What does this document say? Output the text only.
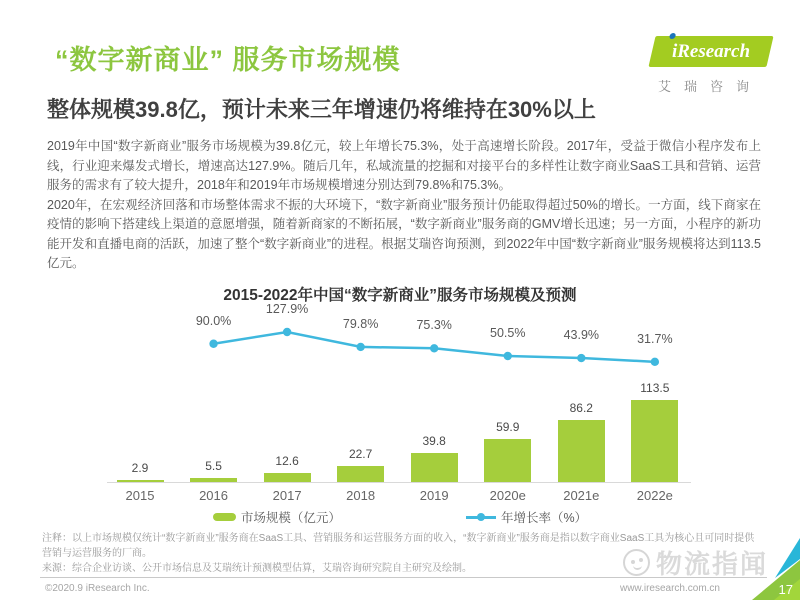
“数字新商业” 服务市场规模	iResearch
艾瑞咨询
整体规模39.8亿，预计未来三年增速仍将维持在30%以上

2019年中国“数字新商业”服务市场规模为39.8亿元，较上年增长75.3%，处于高速增长阶段。2017年，受益于微信小程序发布上线，行业迎来爆发式增长，增速高达127.9%。随后几年，私域流量的挖掘和对接平台的多样性让数字商业SaaS工具和营销、运营服务的需求有了较大提升，2018年和2019年市场规模增速分别达到79.8%和75.3%。

2020年，在宏观经济回落和市场整体需求不振的大环境下，“数字新商业”服务预计仍能取得超过50%的增长。一方面，线下商家在疫情的影响下搭建线上渠道的意愿增强，随着新商家的不断拓展，“数字新商业”服务商的GMV增长迅速；另一方面，小程序的新功能开发和直播电商的活跃，加速了整个“数字新商业”的进程。根据艾瑞咨询预测，到2022年中国“数字新商业”服务规模将达到113.5亿元。

2015-2022年中国“数字新商业”服务市场规模及预测
市场规模（亿元）	年增长率（%）
2.9
2015
5.5
2016
12.6
2017
22.7
2018
39.8
2019
59.9
2020e
86.2
2021e
113.5
2022e
90.0%
127.9%
79.8%	75.3%
50.5%	43.9%	31.7%
注释：以上市场规模仅统计“数字新商业”服务商在SaaS工具、营销服务和运营服务方面的收入，“数字新商业”服务商是指以数字商业SaaS工具为核心且可同时提供营销与运营服务的厂商。
来源：综合企业访谈、公开市场信息及艾瑞统计预测模型估算，艾瑞咨询研究院自主研究及绘制。	物流指闻
©2020.9 iResearch Inc.	www.iresearch.com.cn	17
